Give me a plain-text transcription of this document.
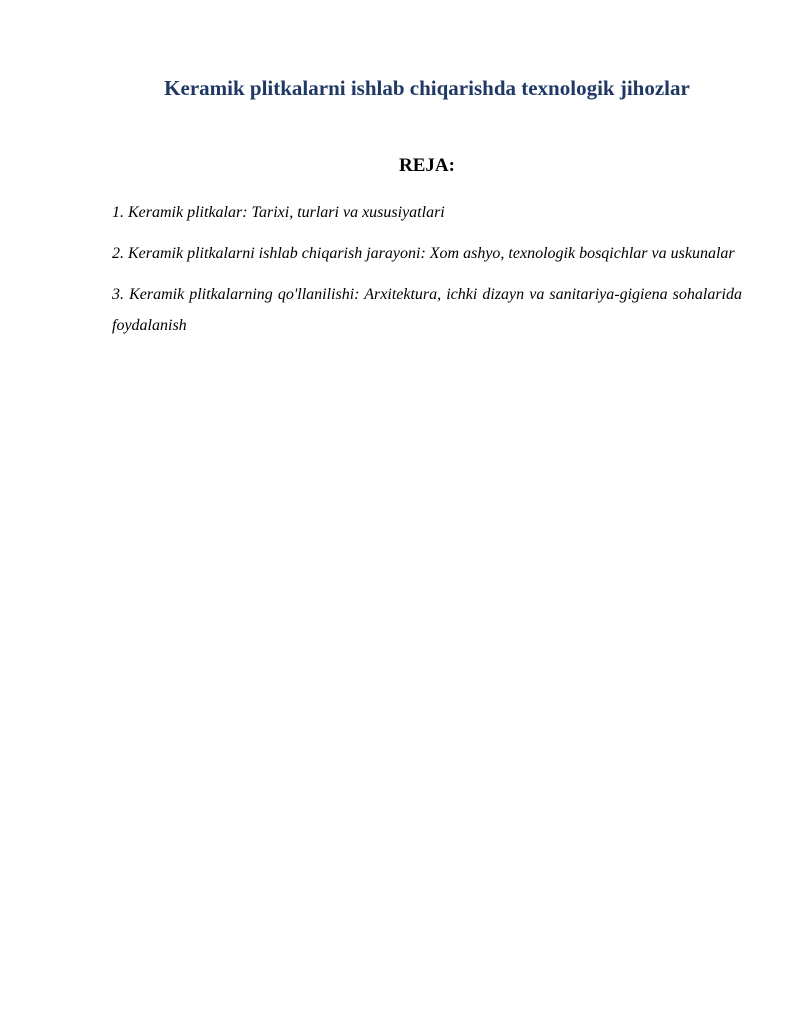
Keramik plitkalarni ishlab chiqarishda texnologik jihozlar
REJA:
1. Keramik plitkalar: Tarixi, turlari va xususiyatlari
2. Keramik plitkalarni ishlab chiqarish jarayoni: Xom ashyo, texnologik bosqichlar va uskunalar
3. Keramik plitkalarning qo'llanilishi: Arxitektura, ichki dizayn va sanitariya-gigiena sohalarida foydalanish
